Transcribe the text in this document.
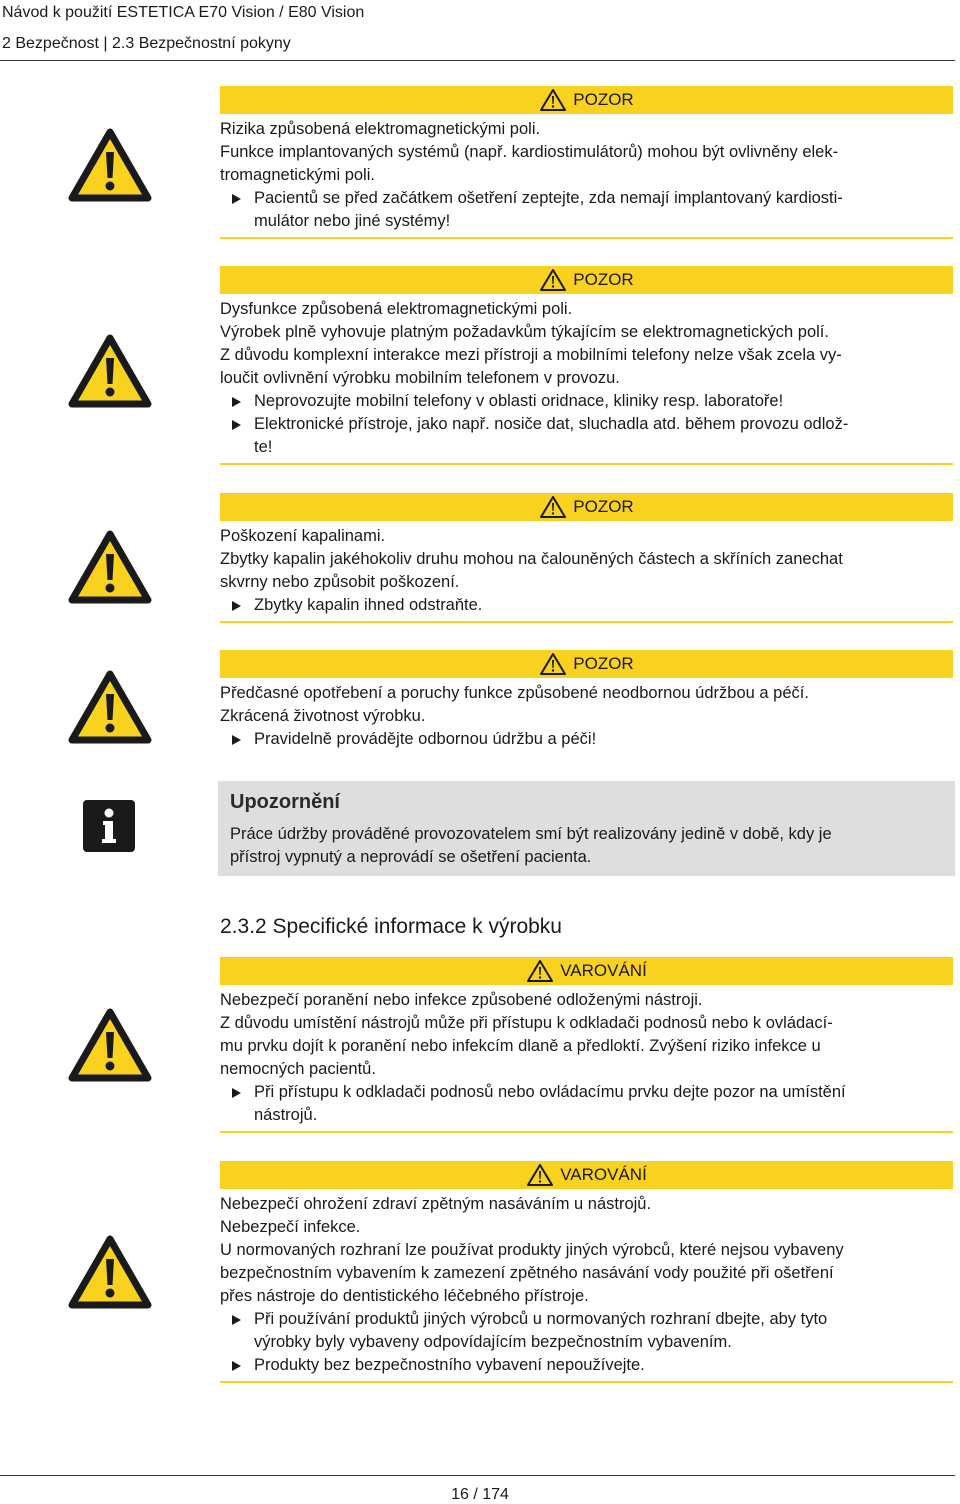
Návod k použití ESTETICA E70 Vision / E80 Vision
2 Bezpečnost | 2.3 Bezpečnostní pokyny
POZOR
Rizika způsobená elektromagnetickými poli.
Funkce implantovaných systémů (např. kardiostimulátorů) mohou být ovlivněny elek-
tromagnetickými poli.
Pacientů se před začátkem ošetření zeptejte, zda nemají implantovaný kardiosti-
mulátor nebo jiné systémy!
POZOR
Dysfunkce způsobená elektromagnetickými poli.
Výrobek plně vyhovuje platným požadavkům týkajícím se elektromagnetických polí.
Z důvodu komplexní interakce mezi přístroji a mobilními telefony nelze však zcela vy-
loučit ovlivnění výrobku mobilním telefonem v provozu.
Neprovozujte mobilní telefony v oblasti oridnace, kliniky resp. laboratoře!
Elektronické přístroje, jako např. nosiče dat, sluchadla atd. během provozu odlož-
te!
POZOR
Poškození kapalinami.
Zbytky kapalin jakéhokoliv druhu mohou na čalouněných částech a skříních zanechat
skvrny nebo způsobit poškození.
Zbytky kapalin ihned odstraňte.
POZOR
Předčasné opotřebení a poruchy funkce způsobené neodbornou údržbou a péčí.
Zkrácená životnost výrobku.
Pravidelně provádějte odbornou údržbu a péči!
Upozornění
Práce údržby prováděné provozovatelem smí být realizovány jedině v době, kdy je
přístroj vypnutý a neprovádí se ošetření pacienta.
2.3.2 Specifické informace k výrobku
VAROVÁNÍ
Nebezpečí poranění nebo infekce způsobené odloženými nástroji.
Z důvodu umístění nástrojů může při přístupu k odkladači podnosů nebo k ovládací-
mu prvku dojít k poranění nebo infekcím dlaně a předloktí. Zvýšení riziko infekce u
nemocných pacientů.
Při přístupu k odkladači podnosů nebo ovládacímu prvku dejte pozor na umístění
nástrojů.
VAROVÁNÍ
Nebezpečí ohrožení zdraví zpětným nasáváním u nástrojů.
Nebezpečí infekce.
U normovaných rozhraní lze používat produkty jiných výrobců, které nejsou vybaveny
bezpečnostním vybavením k zamezení zpětného nasávání vody použité při ošetření
přes nástroje do dentistického léčebného přístroje.
Při používání produktů jiných výrobců u normovaných rozhraní dbejte, aby tyto
výrobky byly vybaveny odpovídajícím bezpečnostním vybavením.
Produkty bez bezpečnostního vybavení nepoužívejte.
16 / 174
